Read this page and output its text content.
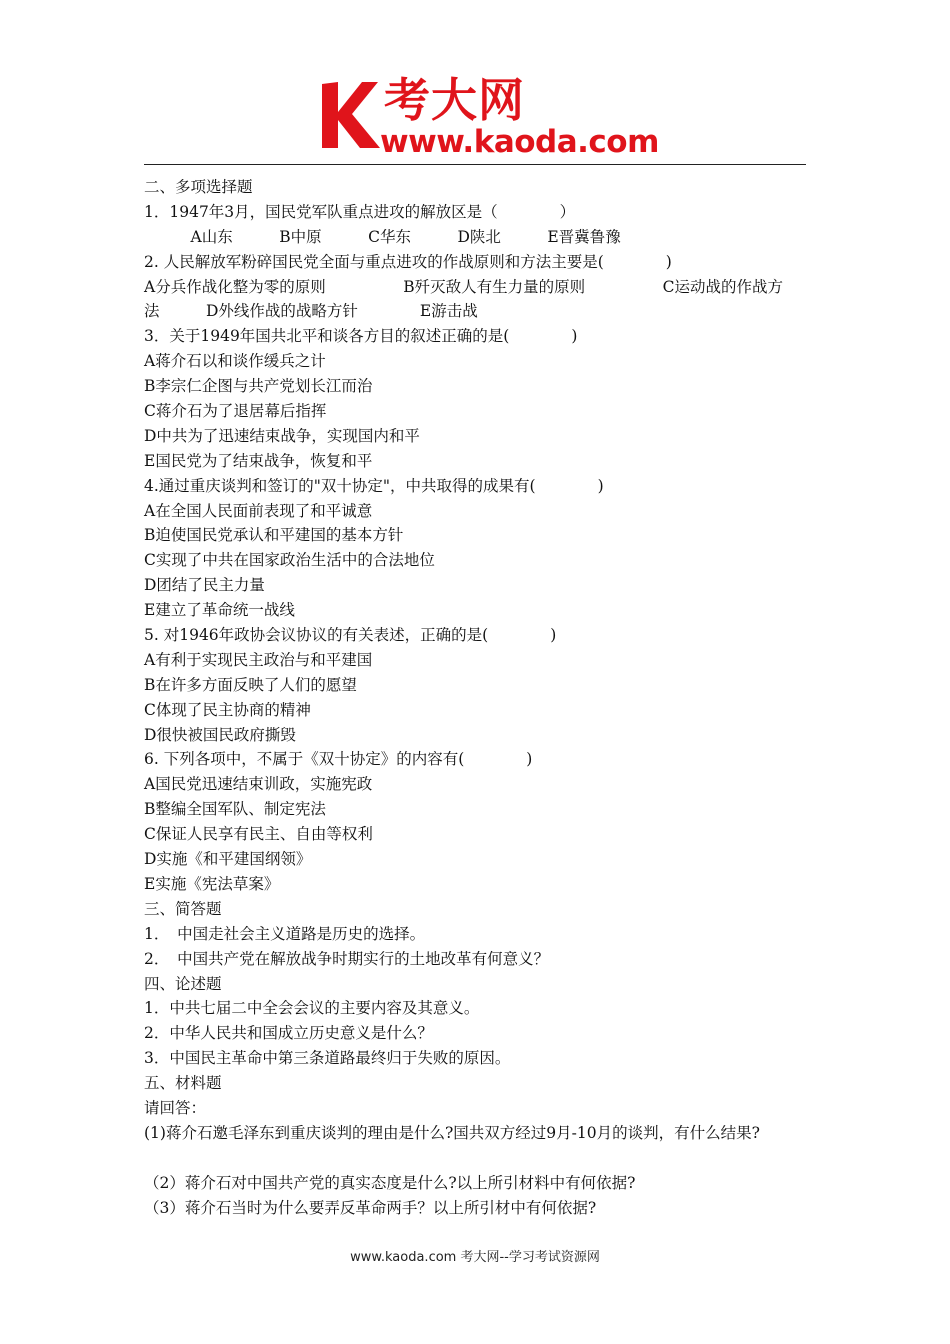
考大网
www.kaoda.com
二、多项选择题
1．1947年3月，国民党军队重点进攻的解放区是（　　　　）
　　　A山东　　　B中原　　　C华东　　　D陕北　　　E晋冀鲁豫
2. 人民解放军粉碎国民党全面与重点进攻的作战原则和方法主要是(　　　　)
A分兵作战化整为零的原则　　　　　B歼灭敌人有生力量的原则　　　　　C运动战的作战方
法　　　D外线作战的战略方针　　　　E游击战
3．关于1949年国共北平和谈各方目的叙述正确的是(　　　　)
A蒋介石以和谈作缓兵之计
B李宗仁企图与共产党划长江而治
C蒋介石为了退居幕后指挥
D中共为了迅速结束战争，实现国内和平
E国民党为了结束战争，恢复和平
4.通过重庆谈判和签订的"双十协定"，中共取得的成果有(　　　　)
A在全国人民面前表现了和平诚意
B迫使国民党承认和平建国的基本方针
C实现了中共在国家政治生活中的合法地位
D团结了民主力量
E建立了革命统一战线
5. 对1946年政协会议协议的有关表述，正确的是(　　　　)
A有利于实现民主政治与和平建国
B在许多方面反映了人们的愿望
C体现了民主协商的精神
D很快被国民政府撕毁
6. 下列各项中，不属于《双十协定》的内容有(　　　　)
A国民党迅速结束训政，实施宪政
B整编全国军队、制定宪法
C保证人民享有民主、自由等权利
D实施《和平建国纲领》
E实施《宪法草案》
三、简答题
1．　中国走社会主义道路是历史的选择。
2．　中国共产党在解放战争时期实行的土地改革有何意义？
四、论述题
1．中共七届二中全会会议的主要内容及其意义。
2．中华人民共和国成立历史意义是什么？
3．中国民主革命中第三条道路最终归于失败的原因。
五、材料题
请回答：
(1)蒋介石邀毛泽东到重庆谈判的理由是什么?国共双方经过9月-10月的谈判，有什么结果?
（2）蒋介石对中国共产党的真实态度是什么?以上所引材料中有何依据?
（3）蒋介石当时为什么要弄反革命两手？以上所引材中有何依据?
www.kaoda.com 考大网--学习考试资源网
